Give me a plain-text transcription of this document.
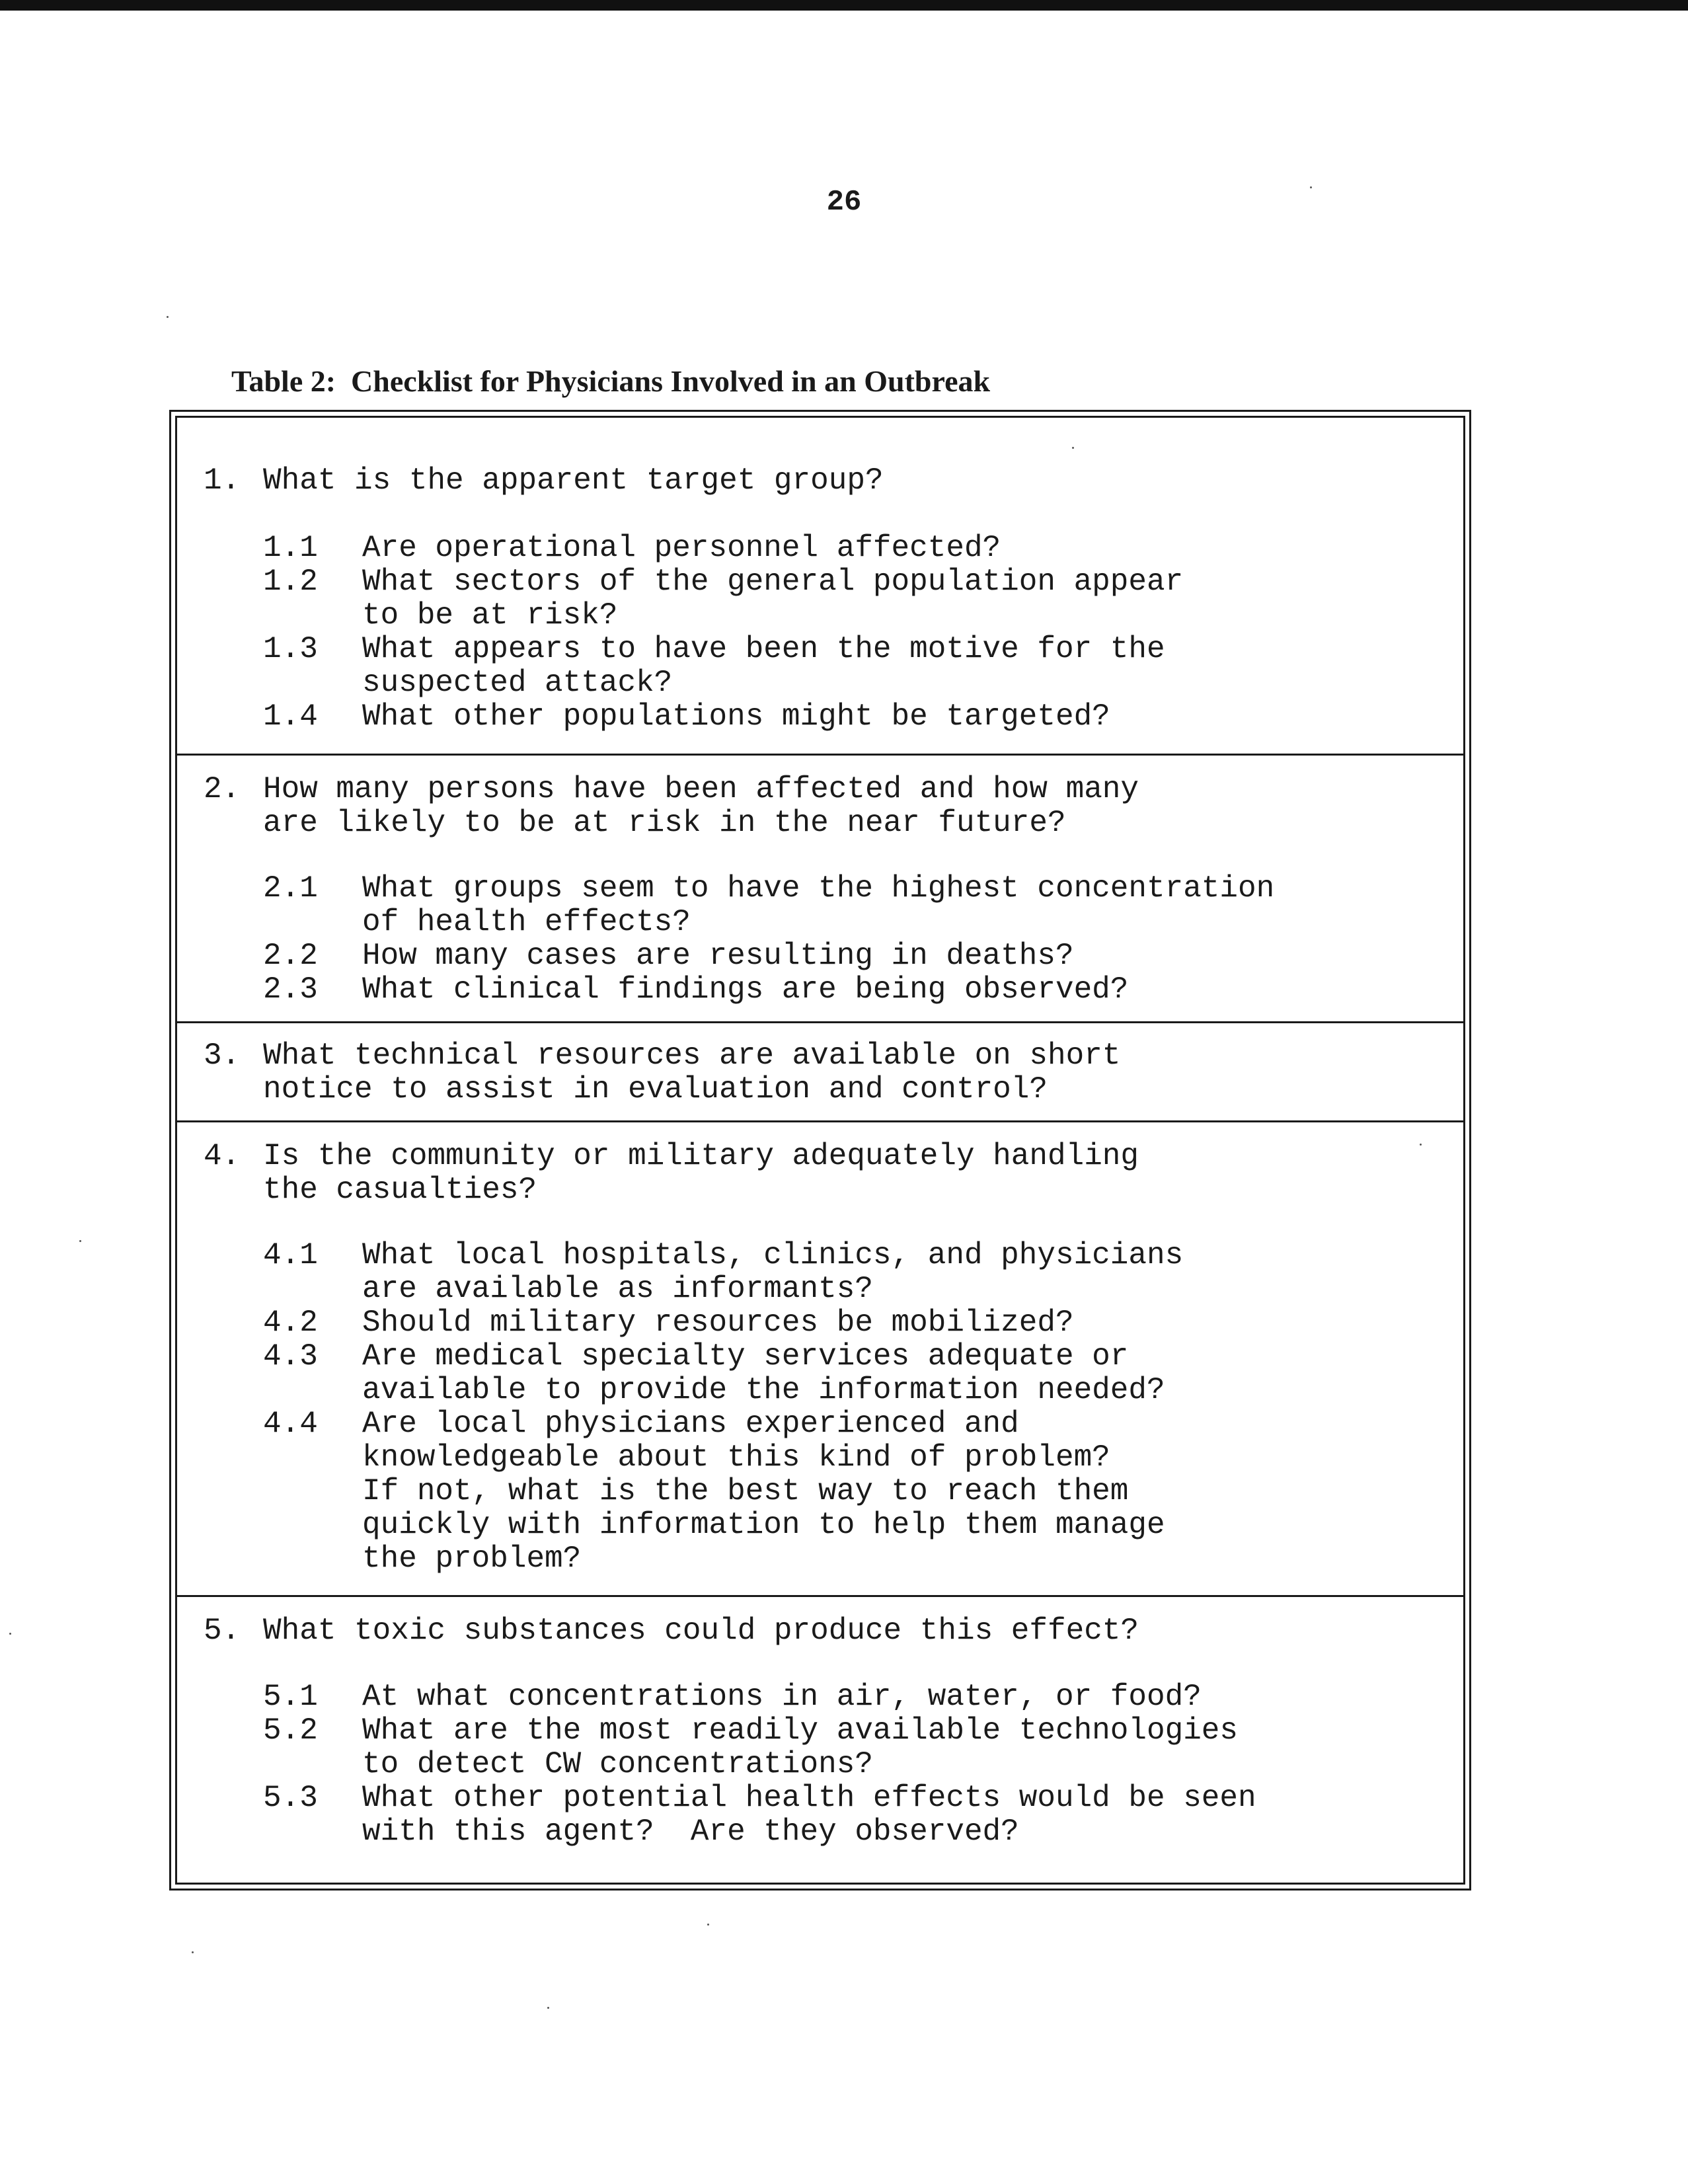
26
Table 2:  Checklist for Physicians Involved in an Outbreak
1. What is the apparent target group?
1.1 Are operational personnel affected?
1.2 What sectors of the general population appear
to be at risk?
1.3 What appears to have been the motive for the
suspected attack?
1.4 What other populations might be targeted?
2. How many persons have been affected and how many
are likely to be at risk in the near future?
2.1 What groups seem to have the highest concentration
of health effects?
2.2 How many cases are resulting in deaths?
2.3 What clinical findings are being observed?
3. What technical resources are available on short
notice to assist in evaluation and control?
4. Is the community or military adequately handling
the casualties?
4.1 What local hospitals, clinics, and physicians
are available as informants?
4.2 Should military resources be mobilized?
4.3 Are medical specialty services adequate or
available to provide the information needed?
4.4 Are local physicians experienced and
knowledgeable about this kind of problem?
If not, what is the best way to reach them
quickly with information to help them manage
the problem?
5. What toxic substances could produce this effect?
5.1 At what concentrations in air, water, or food?
5.2 What are the most readily available technologies
to detect CW concentrations?
5.3 What other potential health effects would be seen
with this agent?  Are they observed?
